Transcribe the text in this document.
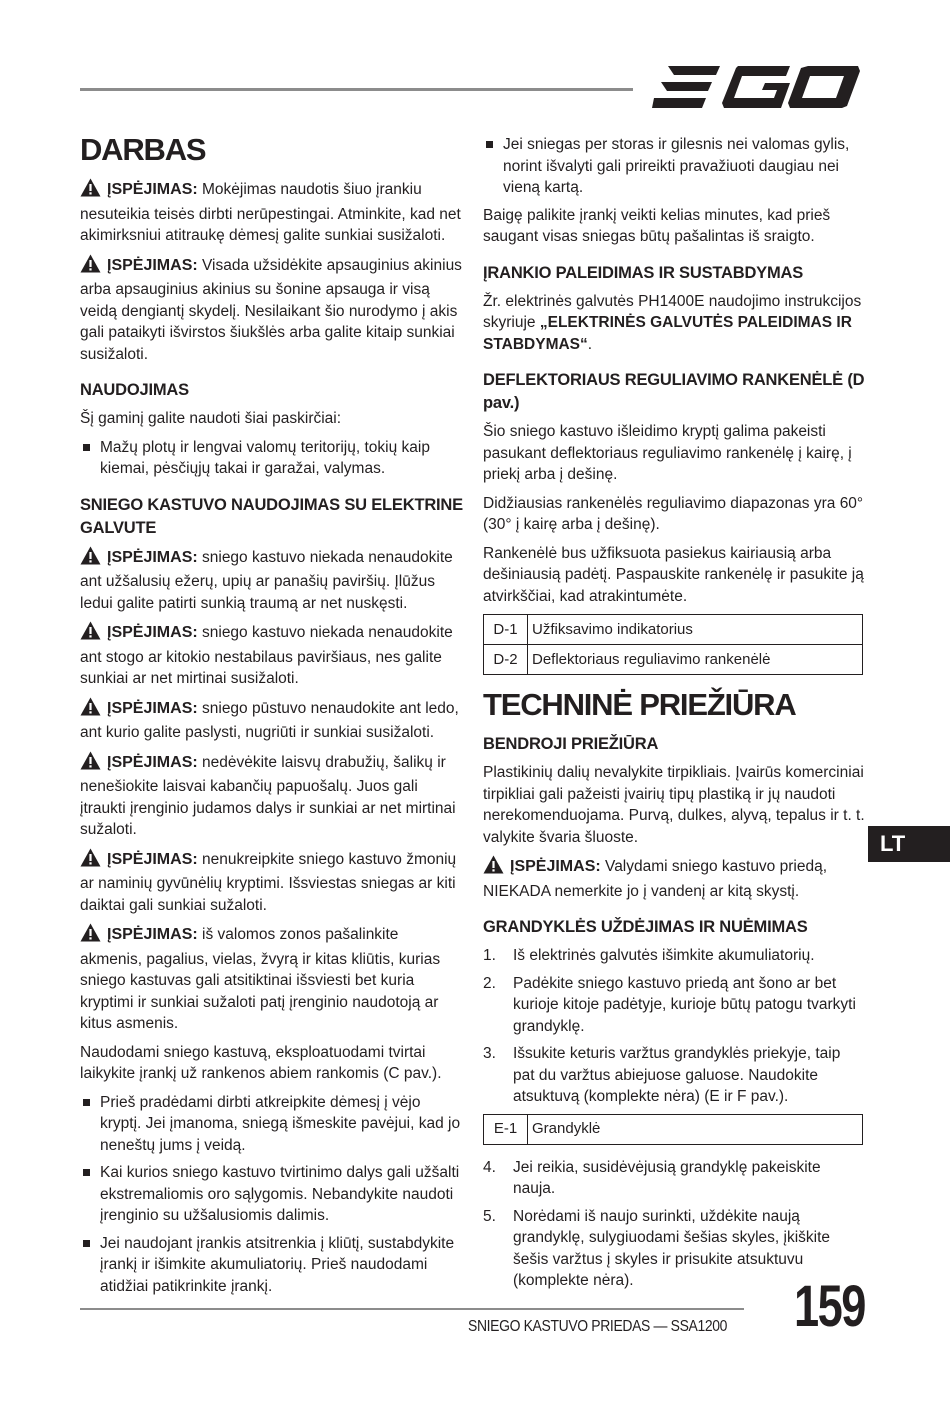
DARBAS

ĮSPĖJIMAS: Mokėjimas naudotis šiuo įrankiu nesuteikia teisės dirbti nerūpestingai. Atminkite, kad net akimirksniui atitraukę dėmesį galite sunkiai susižaloti.

ĮSPĖJIMAS: Visada užsidėkite apsauginius akinius arba apsauginius akinius su šonine apsauga ir visą veidą dengiantį skydelį. Nesilaikant šio nurodymo į akis gali pataikyti išvirstos šiukšlės arba galite kitaip sunkiai susižaloti.

NAUDOJIMAS

Šį gaminį galite naudoti šiai paskirčiai:

Mažų plotų ir lengvai valomų teritorijų, tokių kaip kiemai, pėsčiųjų takai ir garažai, valymas.
SNIEGO KASTUVO NAUDOJIMAS SU ELEKTRINE GALVUTE

ĮSPĖJIMAS: sniego kastuvo niekada nenaudokite ant užšalusių ežerų, upių ar panašių paviršių. Įlūžus ledui galite patirti sunkią traumą ar net nuskęsti.

ĮSPĖJIMAS: sniego kastuvo niekada nenaudokite ant stogo ar kitokio nestabilaus paviršiaus, nes galite sunkiai ar net mirtinai susižaloti.

ĮSPĖJIMAS: sniego pūstuvo nenaudokite ant ledo, ant kurio galite paslysti, nugriūti ir sunkiai susižaloti.

ĮSPĖJIMAS: nedėvėkite laisvų drabužių, šalikų ir nenešiokite laisvai kabančių papuošalų. Juos gali įtraukti įrenginio judamos dalys ir sunkiai ar net mirtinai sužaloti.

ĮSPĖJIMAS: nenukreipkite sniego kastuvo žmonių ar naminių gyvūnėlių kryptimi. Išsviestas sniegas ar kiti daiktai gali sunkiai sužaloti.

ĮSPĖJIMAS: iš valomos zonos pašalinkite akmenis, pagalius, vielas, žvyrą ir kitas kliūtis, kurias sniego kastuvas gali atsitiktinai išsviesti bet kuria kryptimi ir sunkiai sužaloti patį įrenginio naudotoją ar kitus asmenis.

Naudodami sniego kastuvą, eksploatuodami tvirtai laikykite įrankį už rankenos abiem rankomis (C pav.).

Prieš pradėdami dirbti atkreipkite dėmesį į vėjo kryptį. Jei įmanoma, sniegą išmeskite pavėjui, kad jo neneštų jums į veidą.
Kai kurios sniego kastuvo tvirtinimo dalys gali užšalti ekstremaliomis oro sąlygomis. Nebandykite naudoti įrenginio su užšalusiomis dalimis.
Jei naudojant įrankis atsitrenkia į kliūtį, sustabdykite įrankį ir išimkite akumuliatorių. Prieš naudodami atidžiai patikrinkite įrankį.
Jei sniegas per storas ir gilesnis nei valomas gylis, norint išvalyti gali prireikti pravažiuoti daugiau nei vieną kartą.

Baigę palikite įrankį veikti kelias minutes, kad prieš saugant visas sniegas būtų pašalintas iš sraigto.

ĮRANKIO PALEIDIMAS IR SUSTABDYMAS

Žr. elektrinės galvutės PH1400E naudojimo instrukcijos skyriuje „ELEKTRINĖS GALVUTĖS PALEIDIMAS IR STABDYMAS“.

DEFLEKTORIAUS REGULIAVIMO RANKENĖLĖ (D pav.)

Šio sniego kastuvo išleidimo kryptį galima pakeisti pasukant deflektoriaus reguliavimo rankenėlę į kairę, į priekį arba į dešinę.

Didžiausias rankenėlės reguliavimo diapazonas yra 60° (30° į kairę arba į dešinę).

Rankenėlė bus užfiksuota pasiekus kairiausią arba dešiniausią padėtį. Paspauskite rankenėlę ir pasukite ją atvirkščiai, kad atrakintumėte.

D-1	Užfiksavimo indikatorius
D-2	Deflektoriaus reguliavimo rankenėlė
TECHNINĖ PRIEŽIŪRA
BENDROJI PRIEŽIŪRA

Plastikinių dalių nevalykite tirpikliais. Įvairūs komerciniai tirpikliai gali pažeisti įvairių tipų plastiką ir jų naudoti nerekomenduojama. Purvą, dulkes, alyvą, tepalus ir t. t. valykite švaria šluoste.

ĮSPĖJIMAS: Valydami sniego kastuvo priedą, NIEKADA nemerkite jo į vandenį ar kitą skystį.

GRANDYKLĖS UŽDĖJIMAS IR NUĖMIMAS
1. Iš elektrinės galvutės išimkite akumuliatorių.
2. Padėkite sniego kastuvo priedą ant šono ar bet kurioje kitoje padėtyje, kurioje būtų patogu tvarkyti grandyklę.
3. Išsukite keturis varžtus grandyklės priekyje, taip pat du varžtus abiejuose galuose. Naudokite atsuktuvą (komplekte nėra) (E ir F pav.).
E-1	Grandyklė
4. Jei reikia, susidėvėjusią grandyklę pakeiskite nauja.
5. Norėdami iš naujo surinkti, uždėkite naują grandyklę, sulygiuodami šešias skyles, įkiškite šešis varžtus į skyles ir prisukite atsuktuvu (komplekte nėra).
LT
SNIEGO KASTUVO PRIEDAS — SSA1200 159
